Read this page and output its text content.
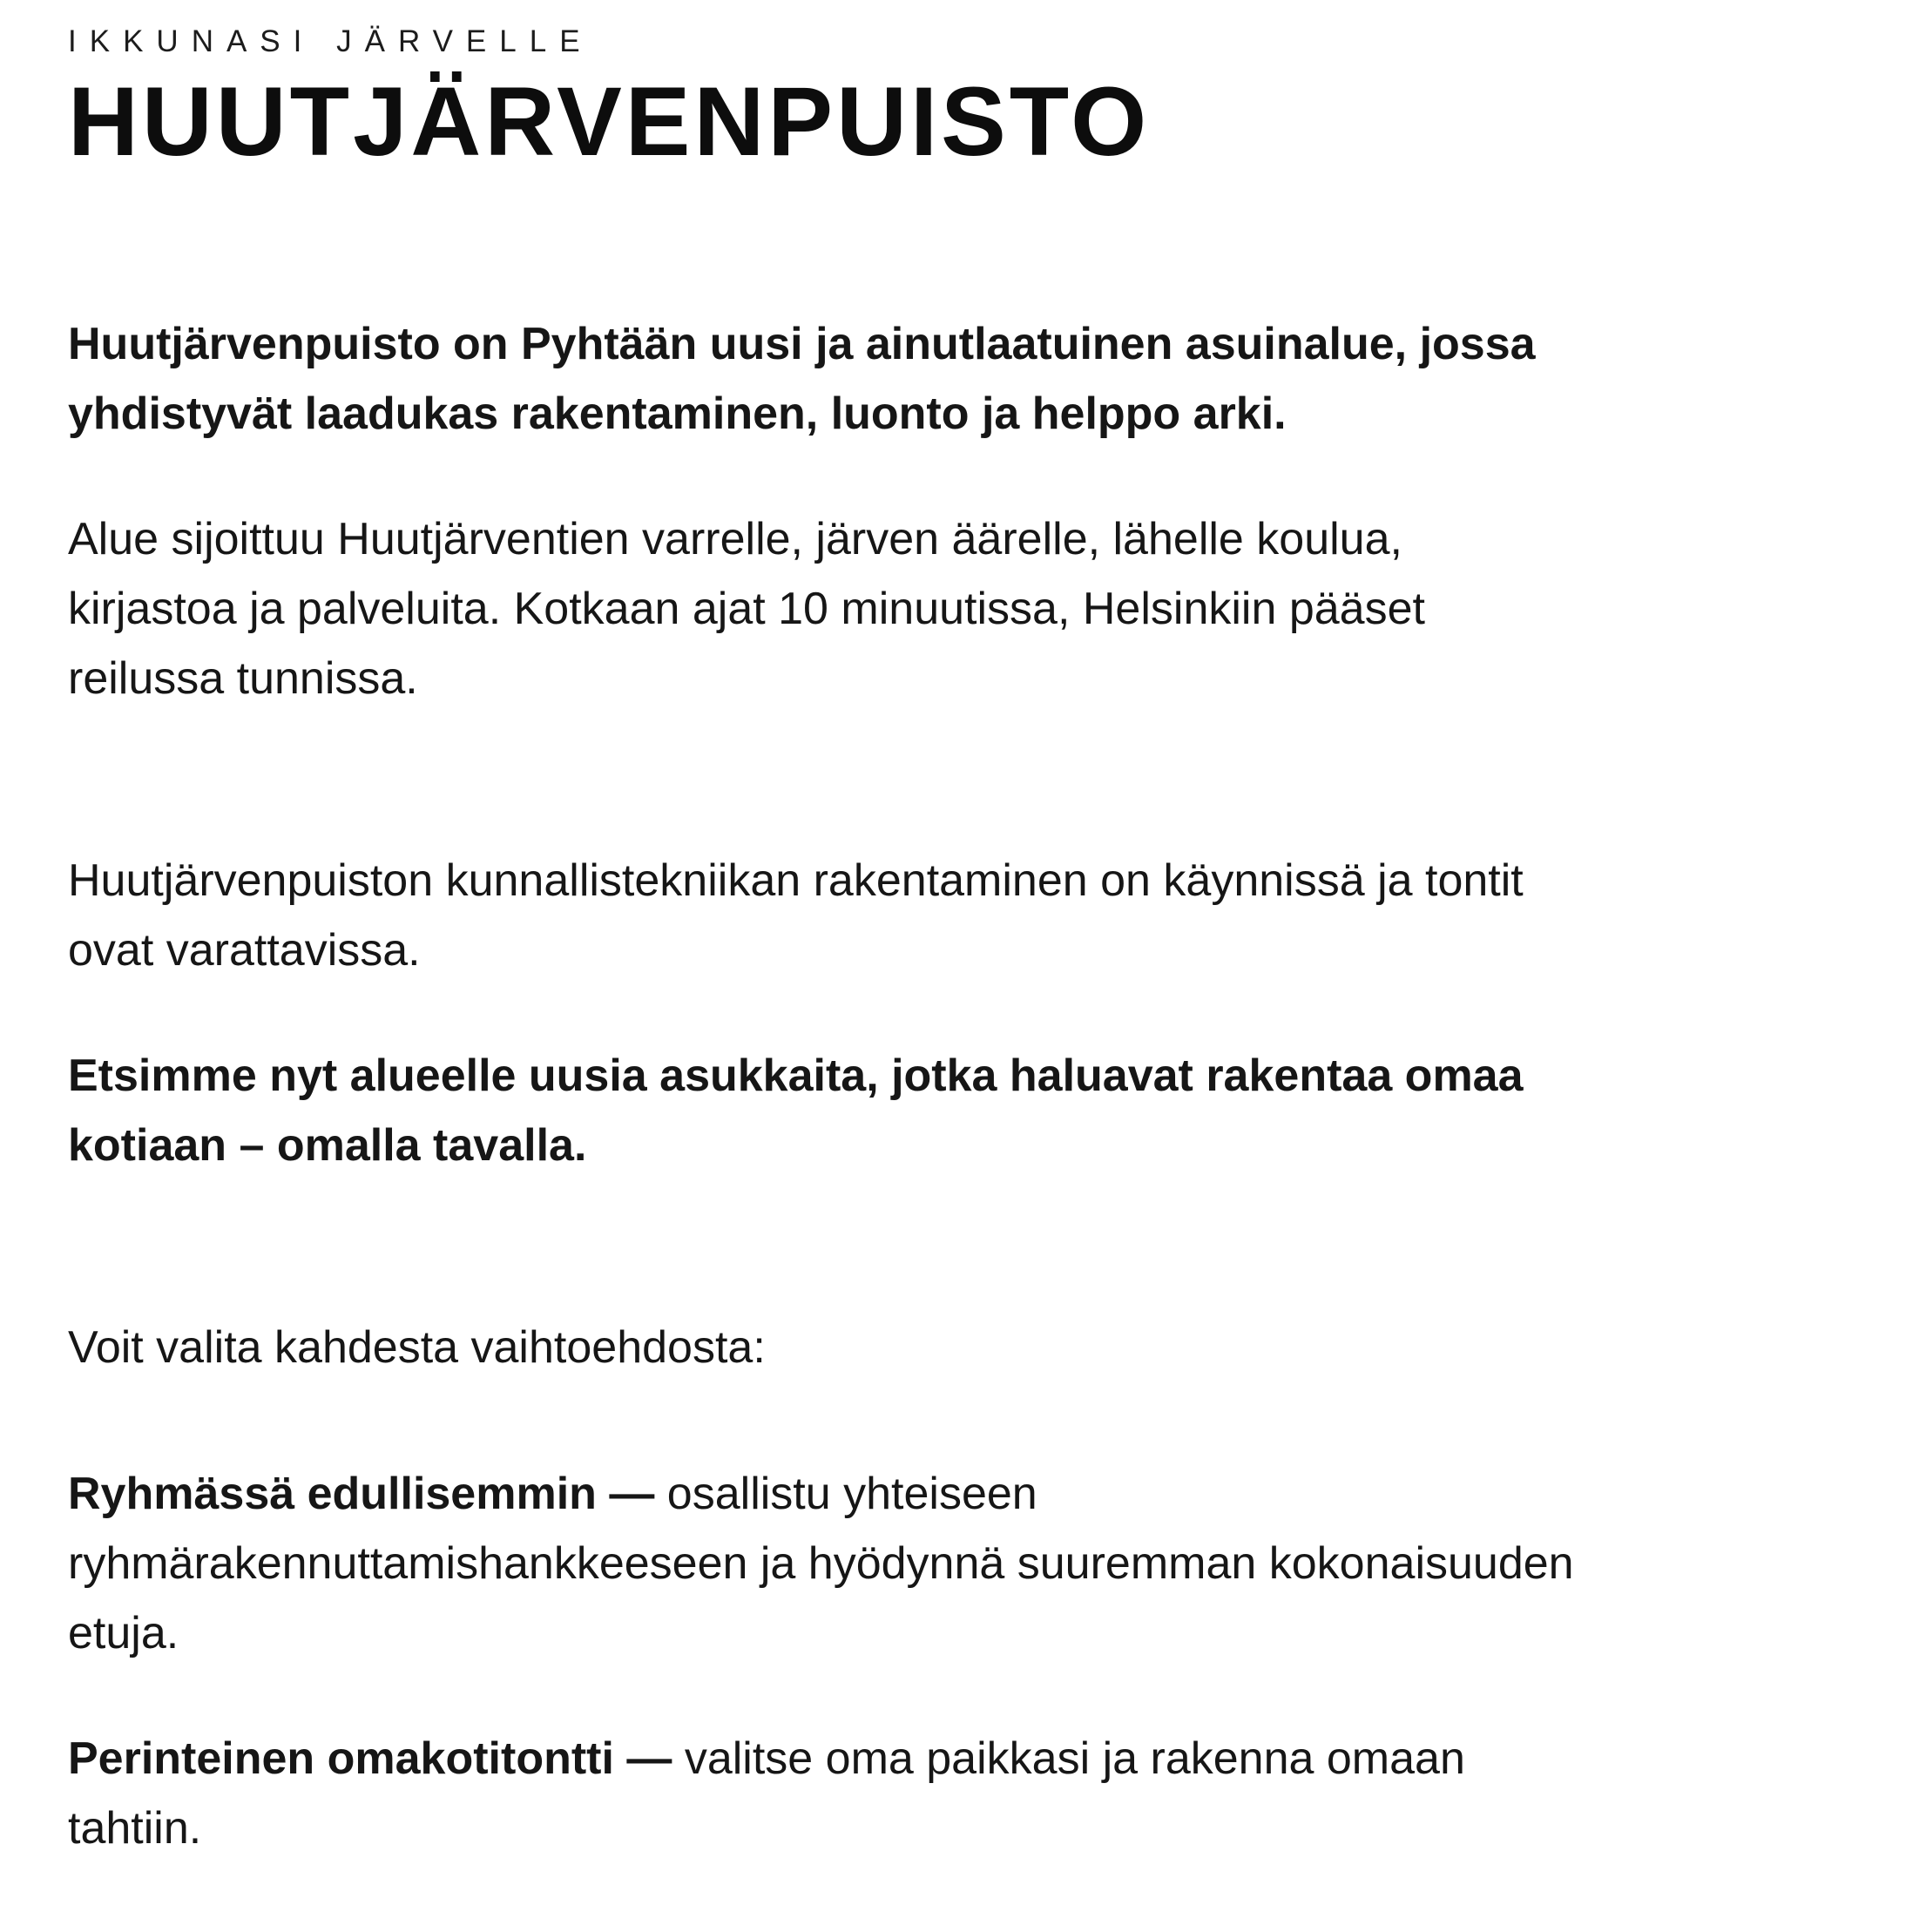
IKKUNASI JÄRVELLE

HUUTJÄRVENPUISTO

Huutjärvenpuisto on Pyhtään uusi ja ainutlaatuinen asuinalue, jossa
yhdistyvät laadukas rakentaminen, luonto ja helppo arki.

Alue sijoittuu Huutjärventien varrelle, järven äärelle, lähelle koulua,
kirjastoa ja palveluita. Kotkaan ajat 10 minuutissa, Helsinkiin pääset
reilussa tunnissa.

Huutjärvenpuiston kunnallistekniikan rakentaminen on käynnissä ja tontit
ovat varattavissa.

Etsimme nyt alueelle uusia asukkaita, jotka haluavat rakentaa omaa
kotiaan – omalla tavalla.

Voit valita kahdesta vaihtoehdosta:

Ryhmässä edullisemmin — osallistu yhteiseen
ryhmärakennuttamishankkeeseen ja hyödynnä suuremman kokonaisuuden
etuja.

Perinteinen omakotitontti — valitse oma paikkasi ja rakenna omaan
tahtiin.
